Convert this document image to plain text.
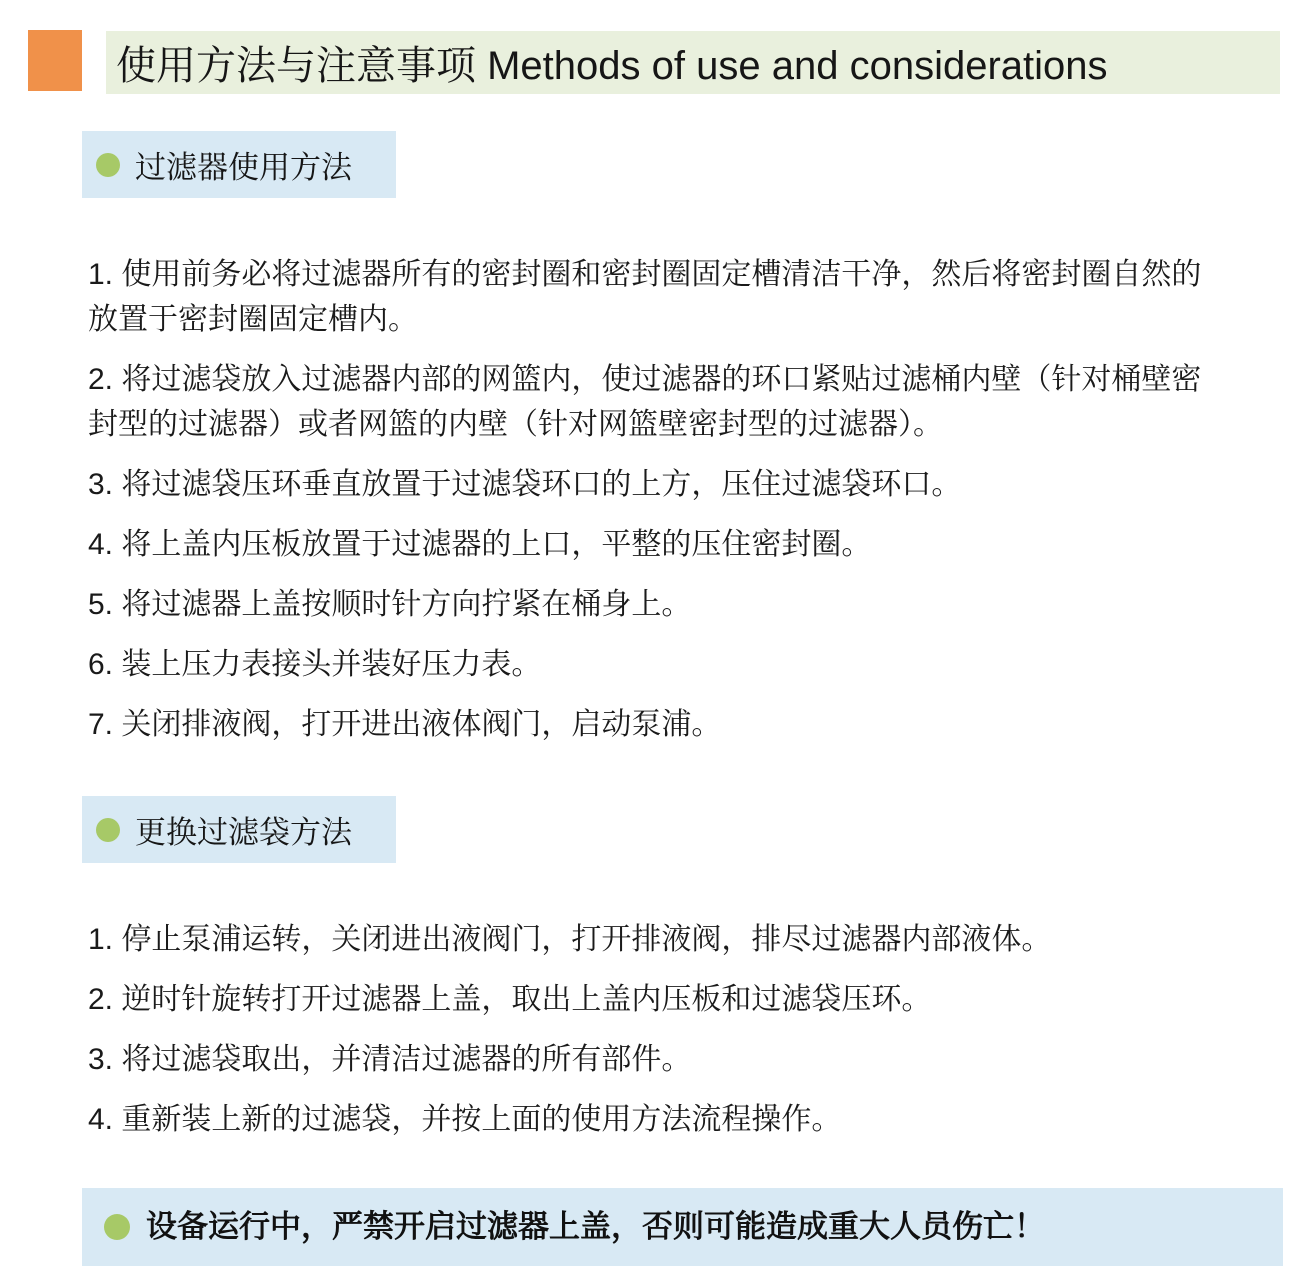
使用方法与注意事项 Methods of use and considerations
过滤器使用方法

1. 使用前务必将过滤器所有的密封圈和密封圈固定槽清洁干净，然后将密封圈自然的放置于密封圈固定槽内。

2. 将过滤袋放入过滤器内部的网篮内，使过滤器的环口紧贴过滤桶内壁（针对桶壁密封型的过滤器）或者网篮的内壁（针对网篮壁密封型的过滤器）。

3. 将过滤袋压环垂直放置于过滤袋环口的上方，压住过滤袋环口。

4. 将上盖内压板放置于过滤器的上口，平整的压住密封圈。

5. 将过滤器上盖按顺时针方向拧紧在桶身上。

6. 装上压力表接头并装好压力表。

7. 关闭排液阀，打开进出液体阀门，启动泵浦。

更换过滤袋方法

1. 停止泵浦运转，关闭进出液阀门，打开排液阀，排尽过滤器内部液体。

2. 逆时针旋转打开过滤器上盖，取出上盖内压板和过滤袋压环。

3. 将过滤袋取出，并清洁过滤器的所有部件。

4. 重新装上新的过滤袋，并按上面的使用方法流程操作。

设备运行中，严禁开启过滤器上盖，否则可能造成重大人员伤亡！
